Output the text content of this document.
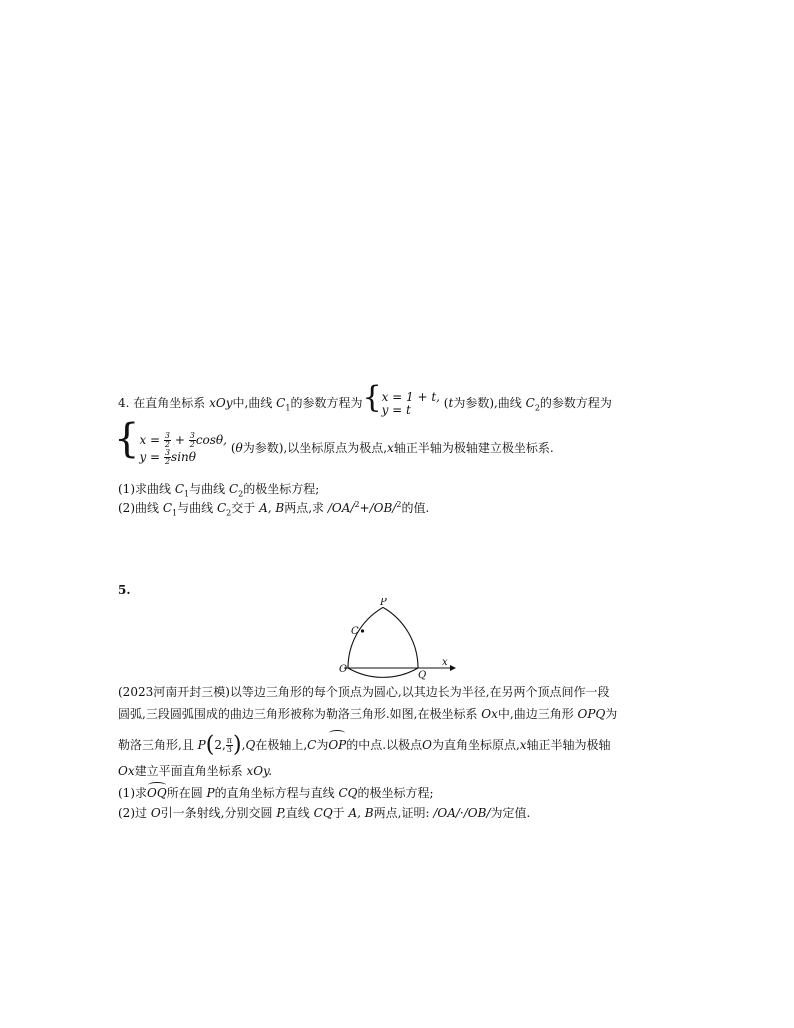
4. 在直角坐标系 xOy中,曲线 $C_1$的参数方程为{x = 1 + t,
y = t	(t为参数),曲线 $C_2$的参数方程为
{$x = \frac{3}{2} + \frac{3}{2} \cos\theta$,
$y = \frac{3}{2}$ sinθ (θ为参数),以坐标原点为极点,x轴正半轴为极轴建立极坐标系.
(1)求曲线 $C_1$与曲线 $C_2$的极坐标方程;
(2)曲线 $C_1$与曲线 $C_2$交于 A, B两点,求 /OA/$^2$+/OB/$^2$的值.
5.
P
C
O
Q
x
(2023河南开封三模)以等边三角形的每个顶点为圆心,以其边长为半径,在另两个顶点间作一段
圆弧,三段圆弧围成的曲边三角形被称为勒洛三角形.如图,在极坐标系 Ox中,曲边三角形 OPQ为
勒洛三角形,且 P(2, $\frac{\pi}{3} ),Q$在极轴上,C为OP的中点.以极点O为直角坐标原点,x轴正半轴为极轴
Ox建立平面直角坐标系 xOy.
(1)求OQ所在圆 P的直角坐标方程与直线 CQ的极坐标方程;
(2)过 O引一条射线,分别交圆 P,直线 CQ于 A, B两点,证明: /OA/·/OB/为定值.
